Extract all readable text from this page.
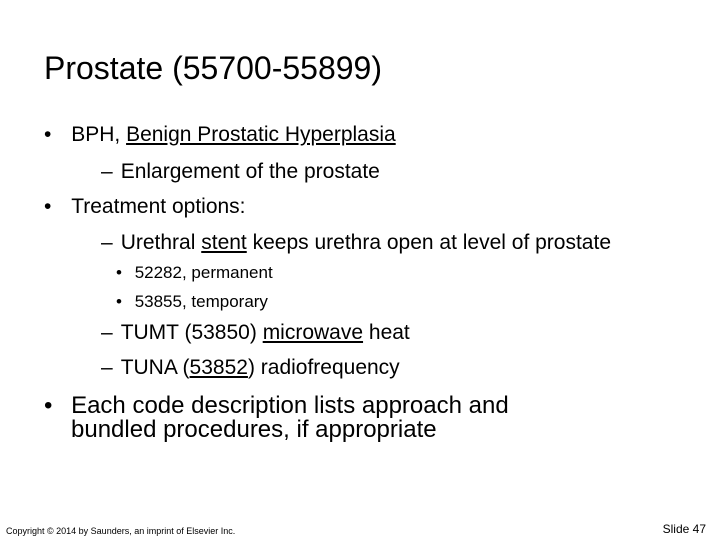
Prostate (55700-55899)
• BPH, Benign Prostatic Hyperplasia
– Enlargement of the prostate
• Treatment options:
– Urethral stent keeps urethra open at level of prostate
• 52282, permanent
• 53855, temporary
– TUMT (53850) microwave heat
– TUNA (53852) radiofrequency
• Each code description lists approach and
bundled procedures, if appropriate
Copyright © 2014 by Saunders, an imprint of Elsevier Inc.	Slide 47
